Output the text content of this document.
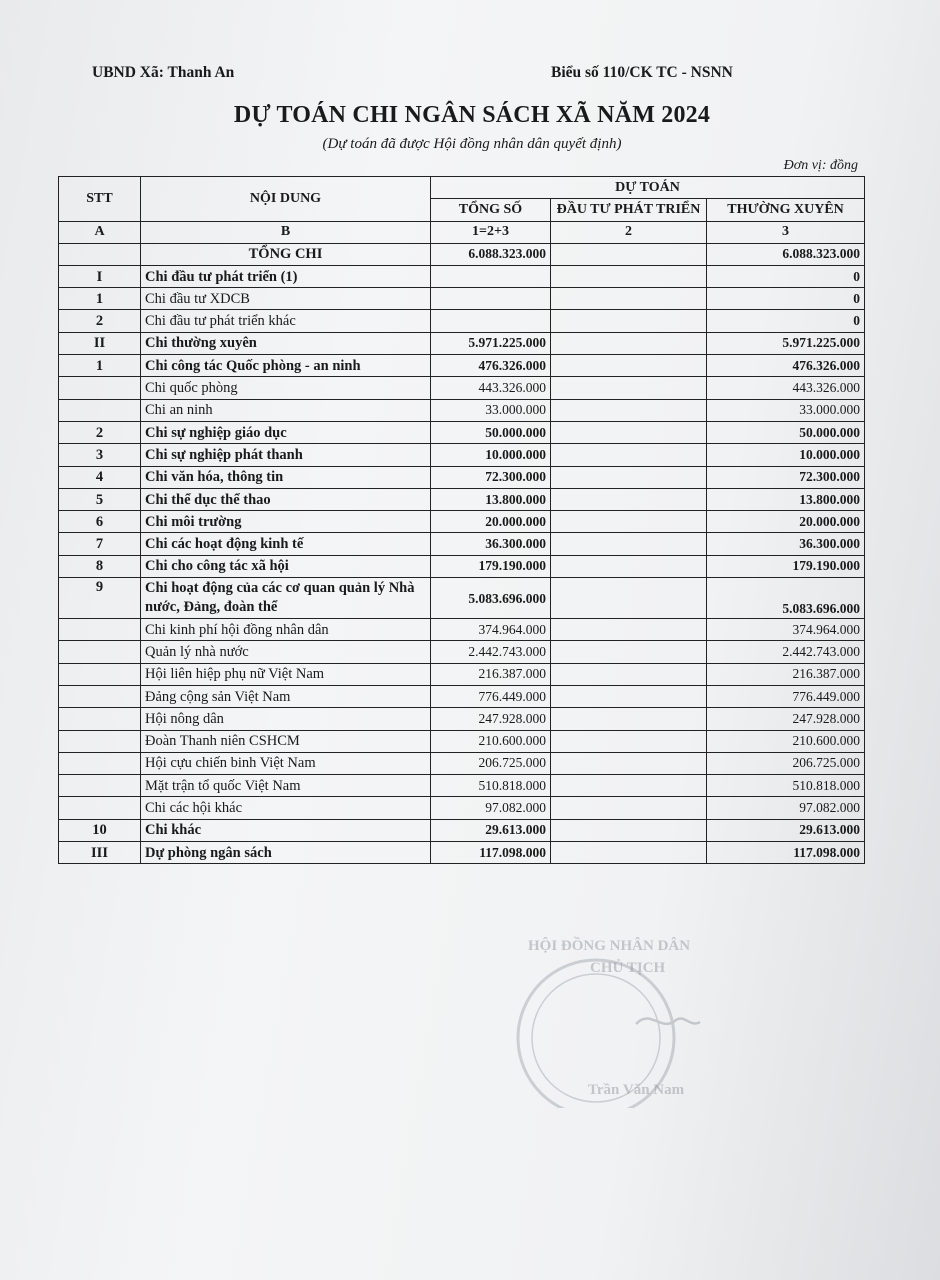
UBND Xã: Thanh An	Biểu số 110/CK TC - NSNN
DỰ TOÁN CHI NGÂN SÁCH XÃ NĂM 2024
(Dự toán đã được Hội đồng nhân dân quyết định)
Đơn vị: đồng
STT	NỘI DUNG	DỰ TOÁN		
		TỔNG SỐ	ĐẦU TƯ PHÁT TRIỂN	THƯỜNG XUYÊN
A	B	1=2+3	2	3
	TỔNG CHI	6.088.323.000		6.088.323.000
I	Chi đầu tư phát triển (1)			0
1	Chi đầu tư XDCB			0
2	Chi đầu tư phát triển khác			0
II	Chi thường xuyên	5.971.225.000		5.971.225.000
1	Chi công tác Quốc phòng - an ninh	476.326.000		476.326.000
	Chi quốc phòng	443.326.000		443.326.000
	Chi an ninh	33.000.000		33.000.000
2	Chi sự nghiệp giáo dục	50.000.000		50.000.000
3	Chi sự nghiệp phát thanh	10.000.000		10.000.000
4	Chi văn hóa, thông tin	72.300.000		72.300.000
5	Chi thể dục thể thao	13.800.000		13.800.000
6	Chi môi trường	20.000.000		20.000.000
7	Chi các hoạt động kinh tế	36.300.000		36.300.000
8	Chi cho công tác xã hội	179.190.000		179.190.000
9	Chi hoạt động của các cơ quan quản lý Nhà nước, Đảng, đoàn thể	5.083.696.000		5.083.696.000
	Chi kinh phí hội đồng nhân dân	374.964.000		374.964.000
	Quản lý nhà nước	2.442.743.000		2.442.743.000
	Hội liên hiệp phụ nữ Việt Nam	216.387.000		216.387.000
	Đảng cộng sản Việt Nam	776.449.000		776.449.000
	Hội nông dân	247.928.000		247.928.000
	Đoàn Thanh niên CSHCM	210.600.000		210.600.000
	Hội cựu chiến binh Việt Nam	206.725.000		206.725.000
	Mặt trận tổ quốc Việt Nam	510.818.000		510.818.000
	Chi các hội khác	97.082.000		97.082.000
10	Chi khác	29.613.000		29.613.000
III	Dự phòng ngân sách	117.098.000		117.098.000
HỘI ĐỒNG NHÂN DÂN
CHỦ TỊCH
Trần Văn Nam
